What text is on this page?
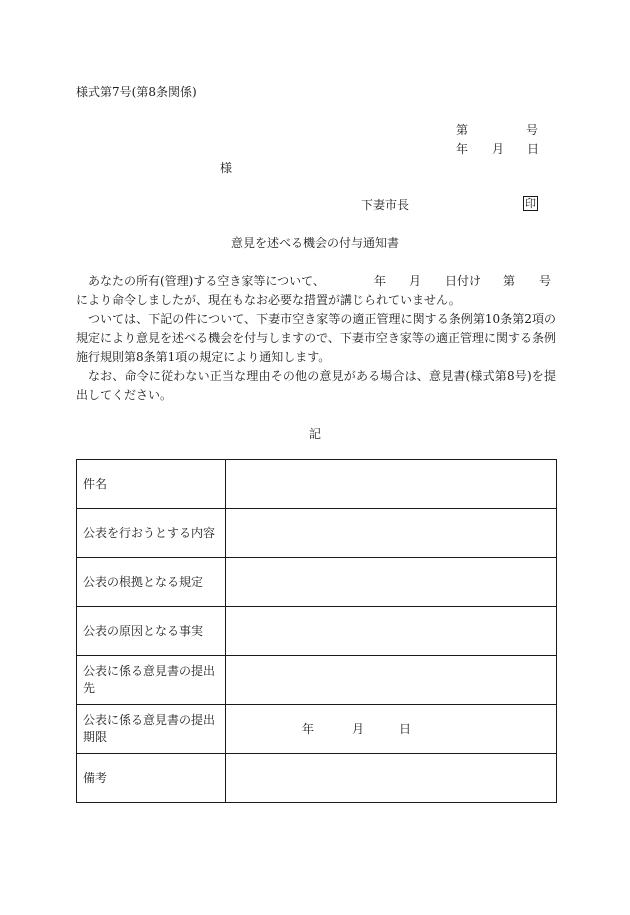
様式第7号(第8条関係)
第	号
年 月 日
様
下妻市長	印
意見を述べる機会の付与通知書
あなたの所有(管理)する空き家等について、	年 月 日付け 第 号
により命令しましたが、現在もなお必要な措置が講じられていません。

ついては、下記の件について、下妻市空き家等の適正管理に関する条例第10条第2項の規定により意見を述べる機会を付与しますので、下妻市空き家等の適正管理に関する条例施行規則第8条第1項の規定により通知します。

なお、命令に従わない正当な理由その他の意見がある場合は、意見書(様式第8号)を提出してください。

記
件名	
公表を行おうとする内容	
公表の根拠となる規定	
公表の原因となる事実	
公表に係る意見書の提出先	
公表に係る意見書の提出期限	年 月 日

備考	
